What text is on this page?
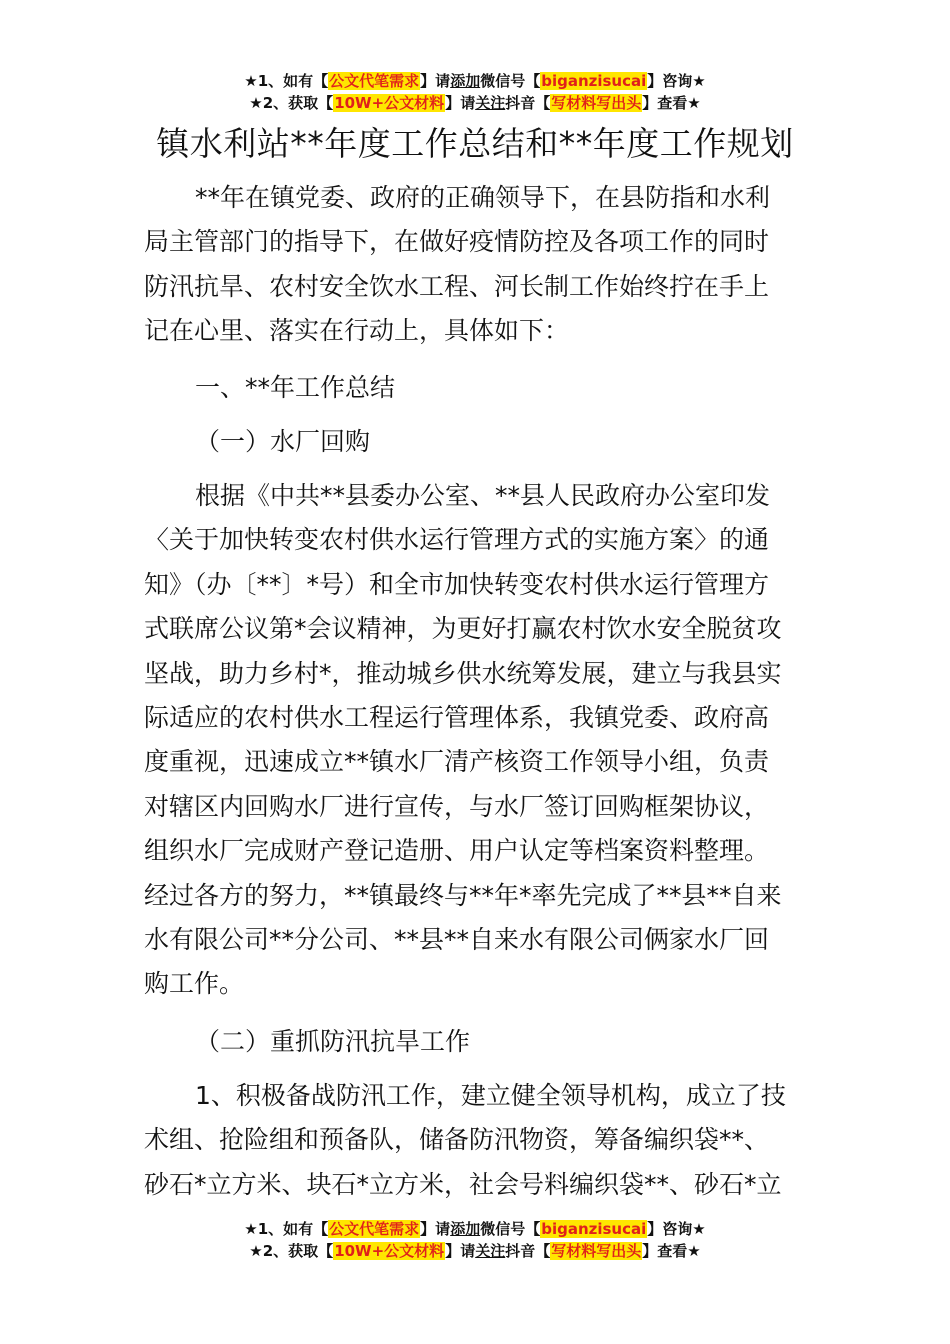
★1、如有【公文代笔需求】请添加微信号【biganzisucai】咨询★
★2、获取【10W+公文材料】请关注抖音【写材料写出头】查看★
镇水利站**年度工作总结和**年度工作规划
**年在镇党委、政府的正确领导下，在县防指和水利
局主管部门的指导下，在做好疫情防控及各项工作的同时
防汛抗旱、农村安全饮水工程、河长制工作始终拧在手上
记在心里、落实在行动上，具体如下：
一、**年工作总结
（一）水厂回购
根据《中共**县委办公室、**县人民政府办公室印发
〈关于加快转变农村供水运行管理方式的实施方案〉的通
知》（办〔**〕*号）和全市加快转变农村供水运行管理方
式联席公议第*会议精神，为更好打赢农村饮水安全脱贫攻
坚战，助力乡村*，推动城乡供水统筹发展，建立与我县实
际适应的农村供水工程运行管理体系，我镇党委、政府高
度重视，迅速成立**镇水厂清产核资工作领导小组，负责
对辖区内回购水厂进行宣传，与水厂签订回购框架协议，
组织水厂完成财产登记造册、用户认定等档案资料整理。
经过各方的努力，**镇最终与**年*率先完成了**县**自来
水有限公司**分公司、**县**自来水有限公司俩家水厂回
购工作。
（二）重抓防汛抗旱工作
1、积极备战防汛工作，建立健全领导机构，成立了技
术组、抢险组和预备队，储备防汛物资，筹备编织袋**、
砂石*立方米、块石*立方米，社会号料编织袋**、砂石*立
★1、如有【公文代笔需求】请添加微信号【biganzisucai】咨询★
★2、获取【10W+公文材料】请关注抖音【写材料写出头】查看★
